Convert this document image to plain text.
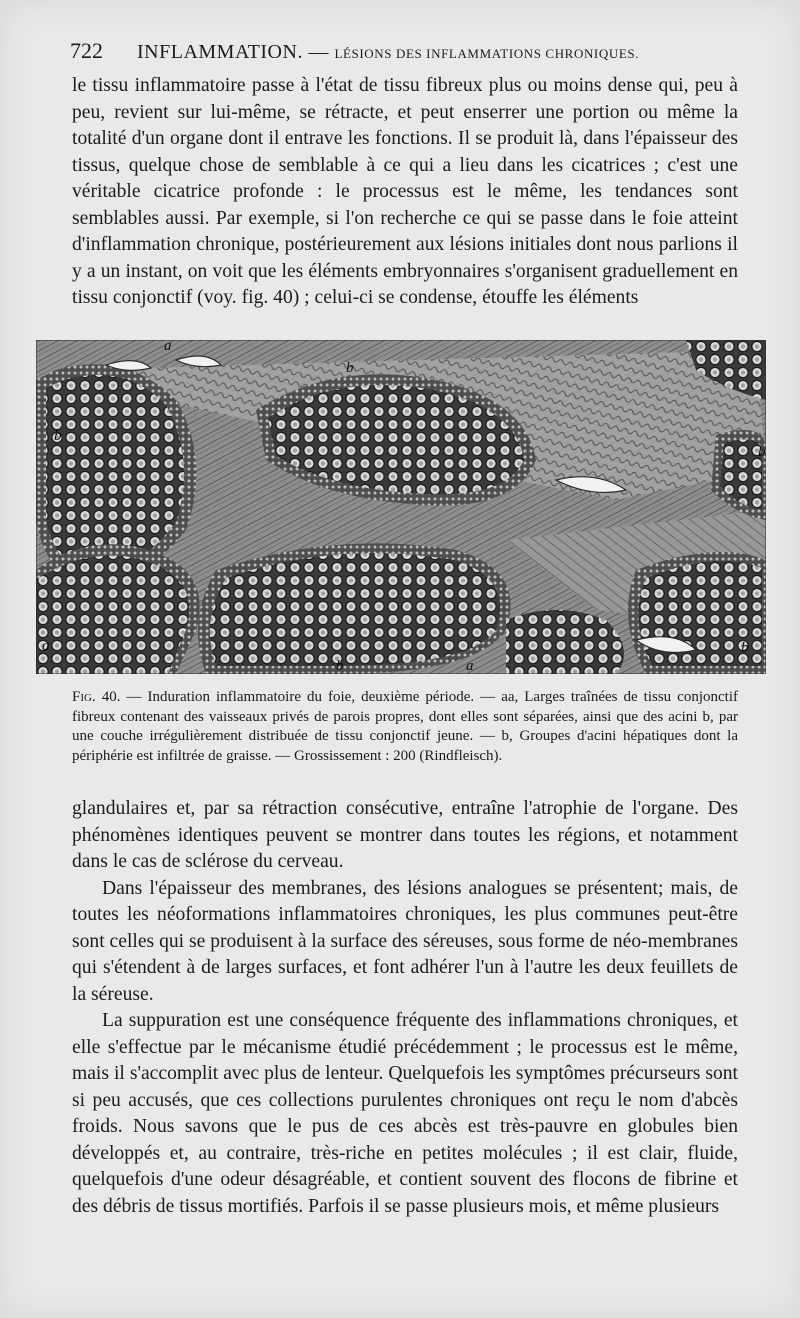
722 INFLAMMATION. — LÉSIONS DES INFLAMMATIONS CHRONIQUES.

le tissu inflammatoire passe à l'état de tissu fibreux plus ou moins dense qui, peu à peu, revient sur lui-même, se rétracte, et peut enserrer une portion ou même la totalité d'un organe dont il entrave les fonctions. Il se produit là, dans l'épaisseur des tissus, quelque chose de semblable à ce qui a lieu dans les cicatrices ; c'est une véritable cicatrice profonde : le processus est le même, les tendances sont semblables aussi. Par exemple, si l'on recherche ce qui se passe dans le foie atteint d'inflammation chronique, postérieurement aux lésions initiales dont nous parlions il y a un instant, on voit que les éléments embryonnaires s'organisent graduellement en tissu conjonctif (voy. fig. 40) ; celui-ci se condense, étouffe les éléments

a
b
b
b
b	a
b
a
Fig. 40. — Induration inflammatoire du foie, deuxième période. — aa, Larges traînées de tissu conjonctif fibreux contenant des vaisseaux privés de parois propres, dont elles sont séparées, ainsi que des acini b, par une couche irrégulièrement distribuée de tissu conjonctif jeune. — b, Groupes d'acini hépatiques dont la périphérie est infiltrée de graisse. — Grossissement : 200 (Rindfleisch).

glandulaires et, par sa rétraction consécutive, entraîne l'atrophie de l'organe. Des phénomènes identiques peuvent se montrer dans toutes les régions, et notamment dans le cas de sclérose du cerveau.

Dans l'épaisseur des membranes, des lésions analogues se présentent; mais, de toutes les néoformations inflammatoires chroniques, les plus communes peut-être sont celles qui se produisent à la surface des séreuses, sous forme de néo-membranes qui s'étendent à de larges surfaces, et font adhérer l'un à l'autre les deux feuillets de la séreuse.

La suppuration est une conséquence fréquente des inflammations chroniques, et elle s'effectue par le mécanisme étudié précédemment ; le processus est le même, mais il s'accomplit avec plus de lenteur. Quelquefois les symptômes précurseurs sont si peu accusés, que ces collections purulentes chroniques ont reçu le nom d'abcès froids. Nous savons que le pus de ces abcès est très-pauvre en globules bien développés et, au contraire, très-riche en petites molécules ; il est clair, fluide, quelquefois d'une odeur désagréable, et contient souvent des flocons de fibrine et des débris de tissus mortifiés. Parfois il se passe plusieurs mois, et même plusieurs
